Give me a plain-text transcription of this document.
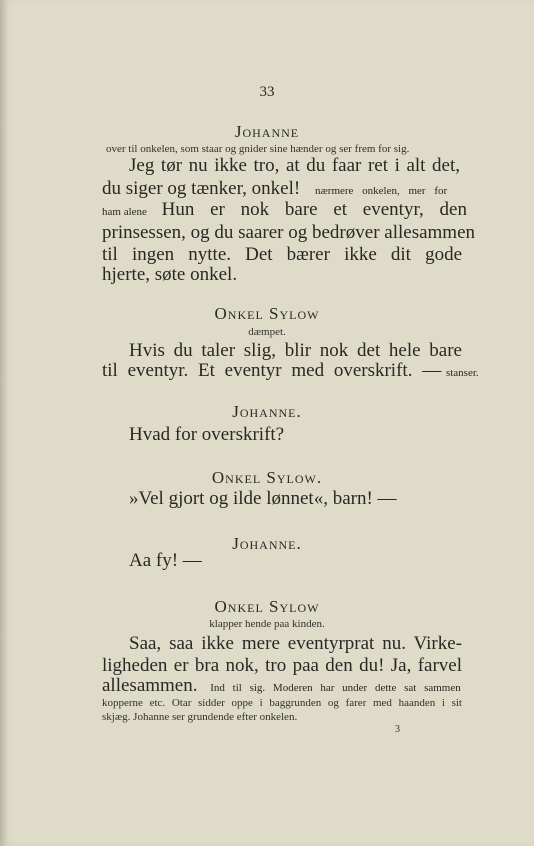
33
Johanne
over til onkelen, som staar og gnider sine hænder og ser frem for sig.
Jeg tør nu ikke tro, at du faar ret i alt det,
du siger og tænker, onkel! nærmere onkelen, mer for
ham alene Hun er nok bare et eventyr, den
prinsessen, og du saarer og bedrøver allesammen
til ingen nytte. Det bærer ikke dit gode
hjerte, søte onkel.
Onkel Sylow
dæmpet.
Hvis du taler slig, blir nok det hele bare
til eventyr. Et eventyr med overskrift. — stanser.
Johanne.
Hvad for overskrift?
Onkel Sylow.
»Vel gjort og ilde lønnet«, barn! —
Johanne.
Aa fy! —
Onkel Sylow
klapper hende paa kinden.
Saa, saa ikke mere eventyrprat nu. Virke-
ligheden er bra nok, tro paa den du! Ja, farvel
allesammen. Ind til sig. Moderen har under dette sat sammen
kopperne etc. Otar sidder oppe i baggrunden og farer med haanden i sit
skjæg. Johanne ser grundende efter onkelen.
3
